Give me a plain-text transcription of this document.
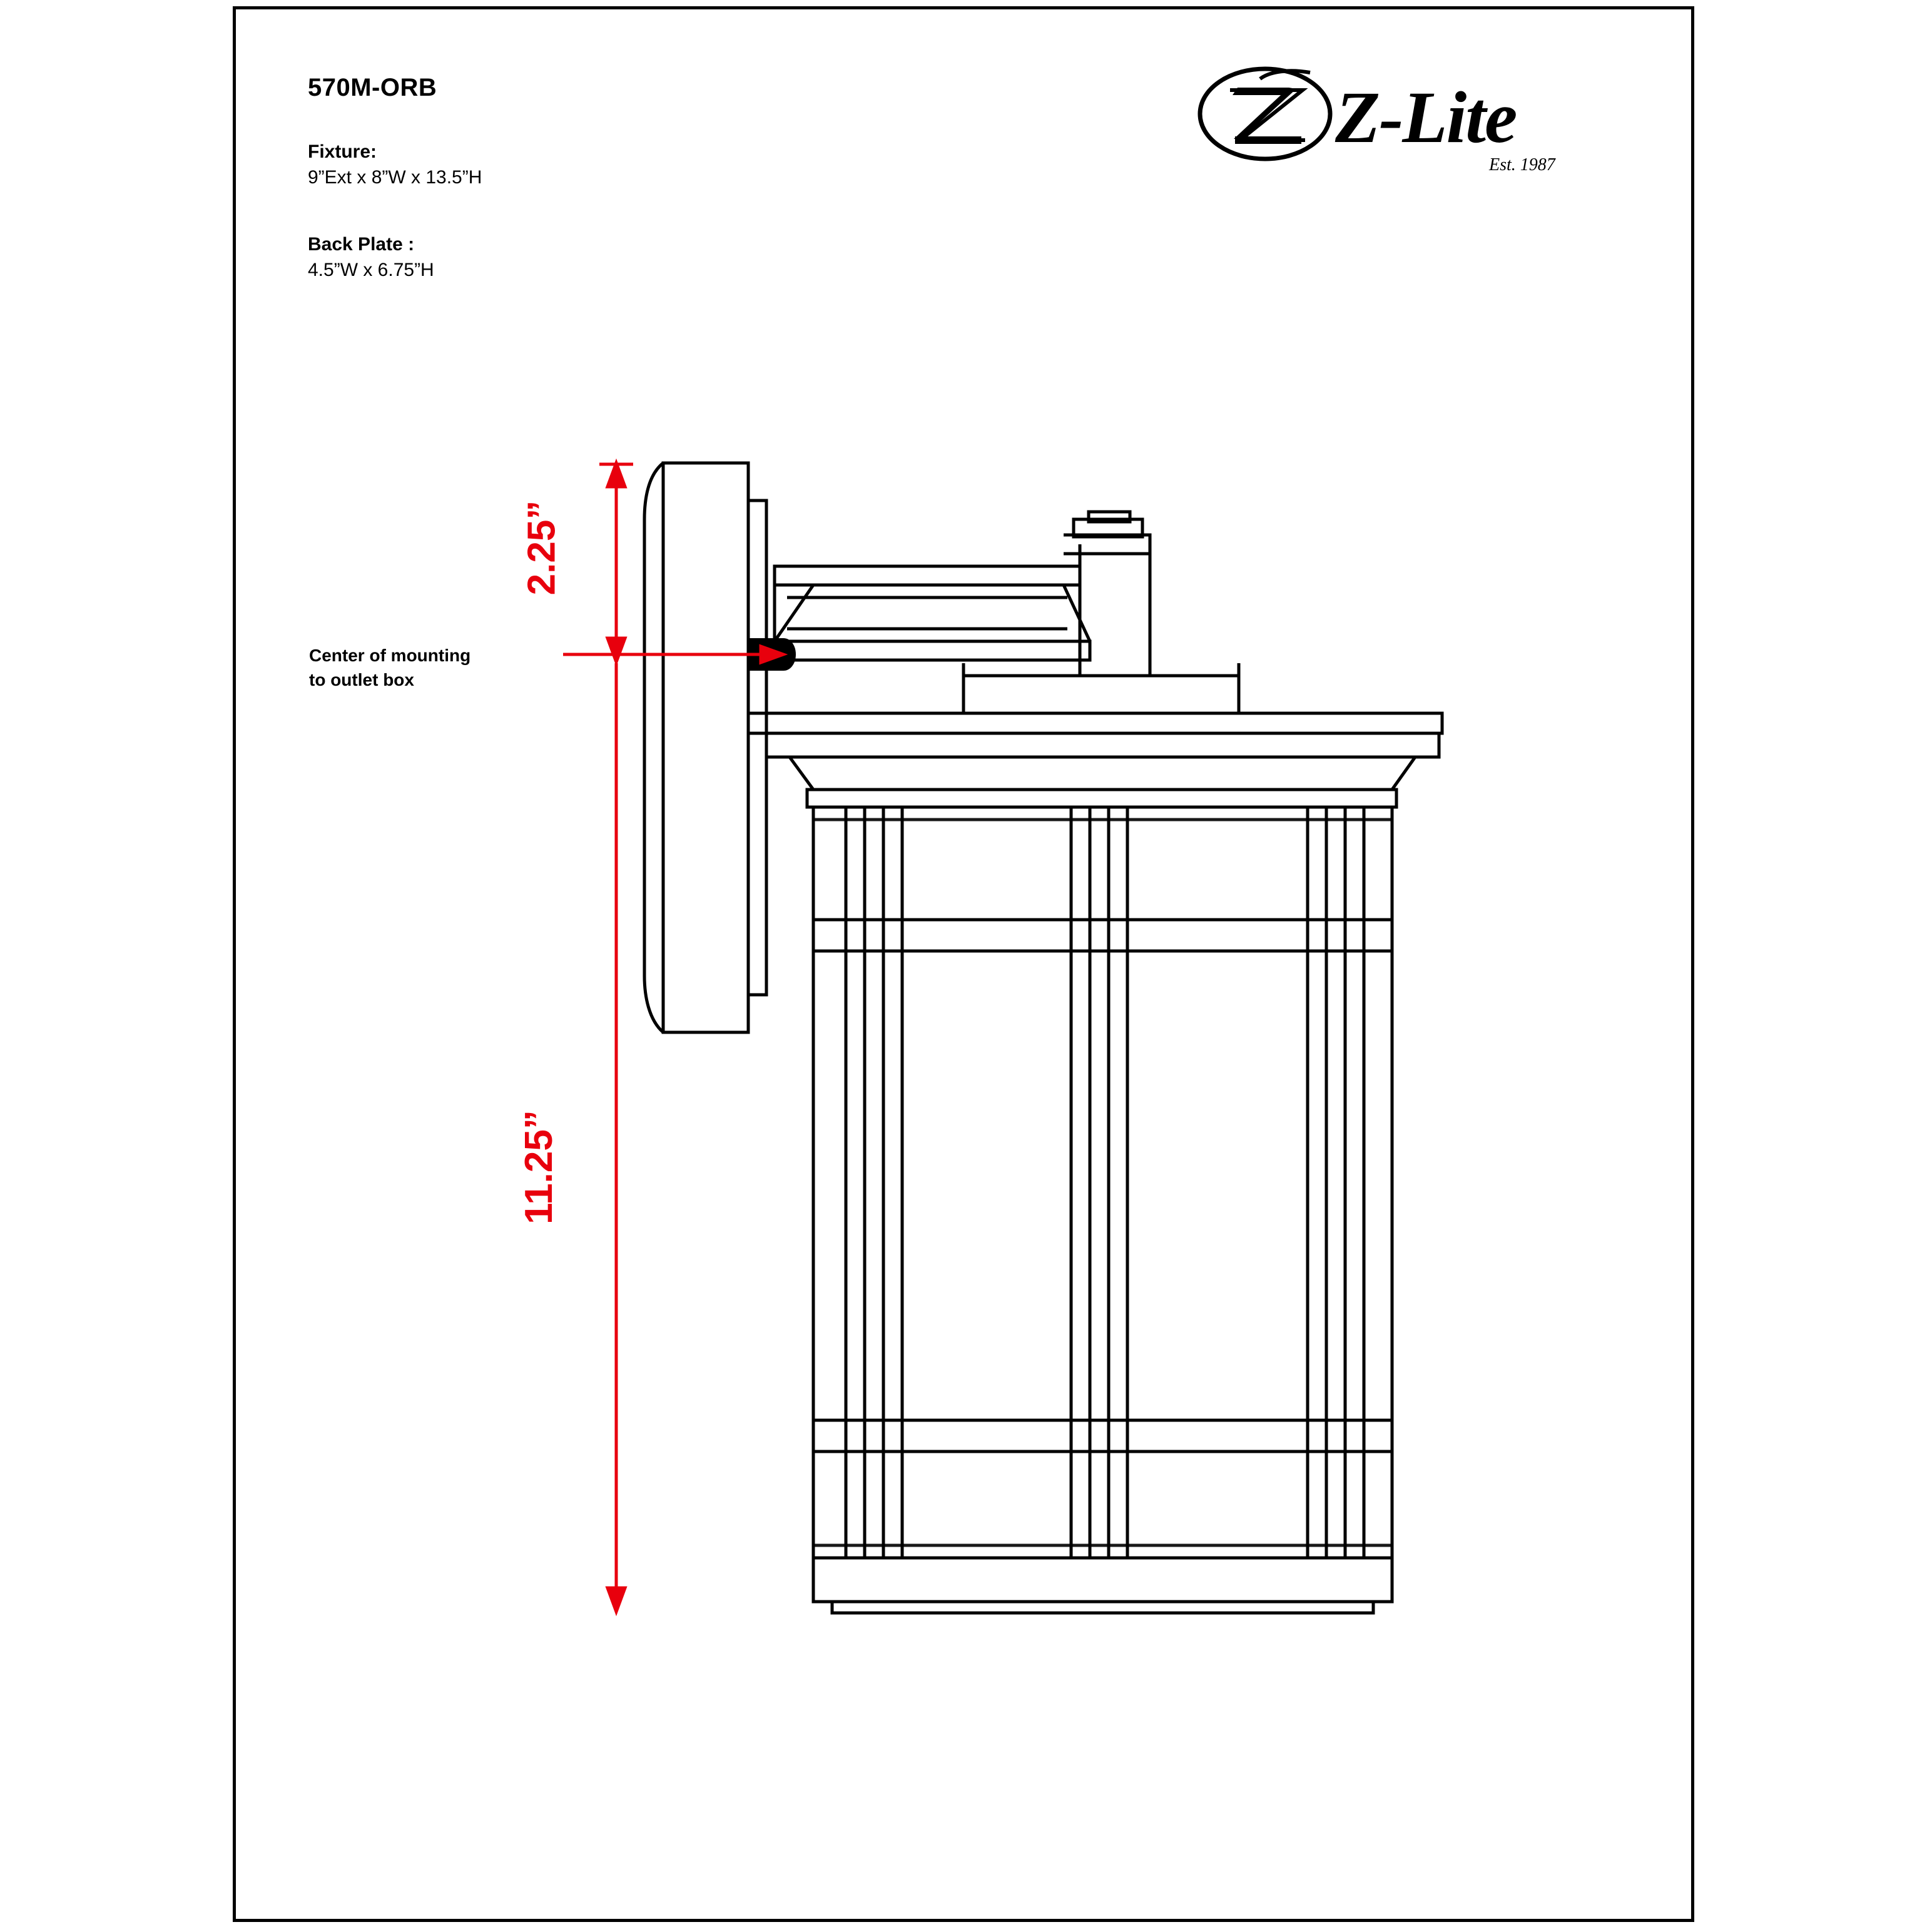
570M-ORB
Fixture:
9”Ext x 8”W x 13.5”H
Back Plate :
4.5”W x 6.75”H
Z-Lite
Est. 1987
2.25”
11.25”
Center of mounting
to outlet box
